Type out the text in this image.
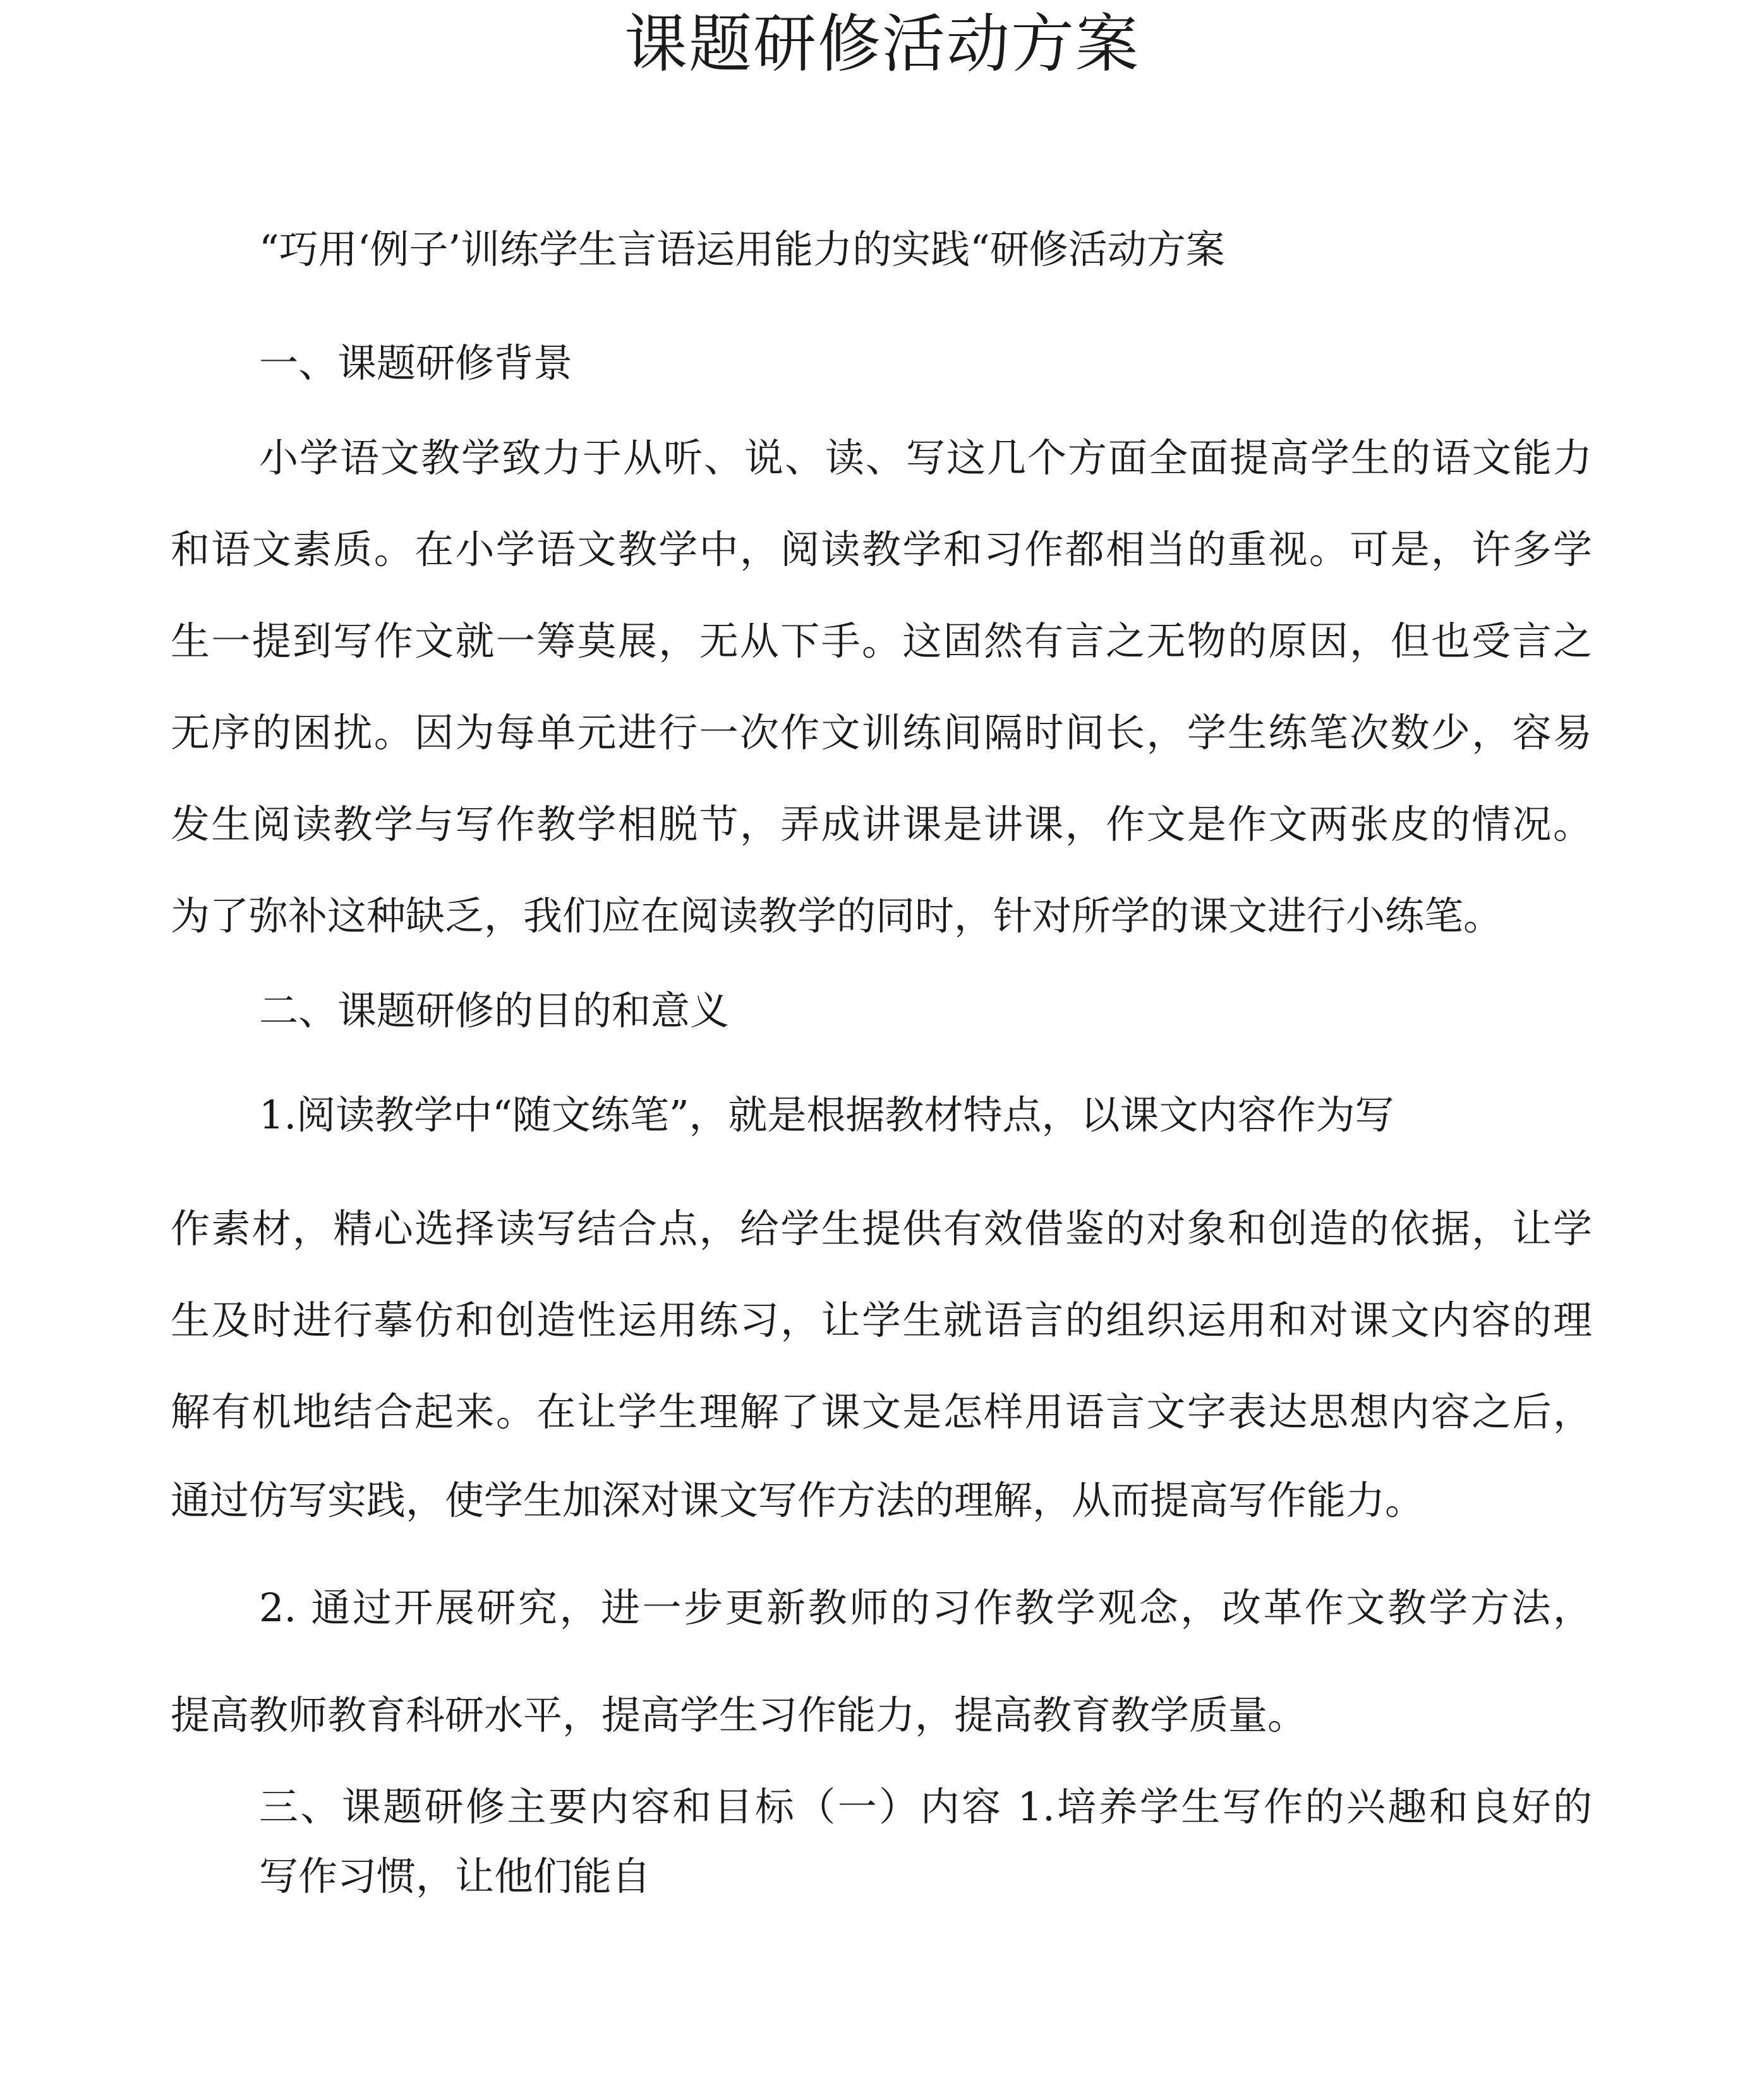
课题研修活动方案

“巧用‘例子’训练学生言语运用能力的实践“研修活动方案

一、课题研修背景

小学语文教学致力于从听、说、读、写这几个方面全面提高学生的语文能力

和语文素质。在小学语文教学中，阅读教学和习作都相当的重视。可是，许多学

生一提到写作文就一筹莫展，无从下手。这固然有言之无物的原因，但也受言之

无序的困扰。因为每单元进行一次作文训练间隔时间长，学生练笔次数少，容易

发生阅读教学与写作教学相脱节，弄成讲课是讲课，作文是作文两张皮的情况。

为了弥补这种缺乏，我们应在阅读教学的同时，针对所学的课文进行小练笔。

二、课题研修的目的和意义

1.阅读教学中“随文练笔”，就是根据教材特点，以课文内容作为写

作素材，精心选择读写结合点，给学生提供有效借鉴的对象和创造的依据，让学

生及时进行摹仿和创造性运用练习，让学生就语言的组织运用和对课文内容的理

解有机地结合起来。在让学生理解了课文是怎样用语言文字表达思想内容之后，

通过仿写实践，使学生加深对课文写作方法的理解，从而提高写作能力。

2. 通过开展研究，进一步更新教师的习作教学观念，改革作文教学方法，

提高教师教育科研水平，提高学生习作能力，提高教育教学质量。

三、课题研修主要内容和目标（一）内容 1.培养学生写作的兴趣和良好的

写作习惯，让他们能自
